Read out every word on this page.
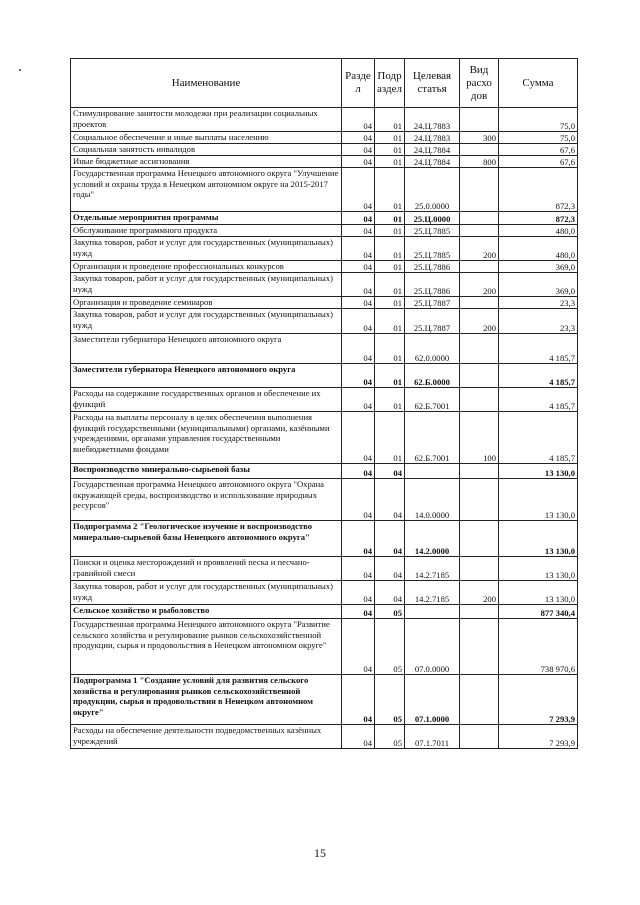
Наименование	Разде л	Подр аздел	Целевая статья	Вид расхо дов	Сумма
Стимулирование занятости молодежи при реализации социальных проектов	04	01	24.Ц.7883		75,0
Социальное обеспечение и иные выплаты населению	04	01	24.Ц.7883	300	75,0
Социальная занятость инвалидов	04	01	24.Ц.7884		67,6
Иные бюджетные ассигнования	04	01	24.Ц.7884	800	67,6
Государственная программа Ненецкого автономного округа "Улучшение условий и охраны труда в Ненецком автономном округе на 2015-2017 годы"	04	01	25.0.0000		872,3
Отдельные мероприятия программы	04	01	25.Ц.0000		872,3
Обслуживание программного продукта	04	01	25.Ц.7885		480,0
Закупка товаров, работ и услуг для государственных (муниципальных) нужд	04	01	25.Ц.7885	200	480,0
Организация и проведение профессиональных конкурсов	04	01	25.Ц.7886		369,0
Закупка товаров, работ и услуг для государственных (муниципальных) нужд	04	01	25.Ц.7886	200	369,0
Организация и проведение семинаров	04	01	25.Ц.7887		23,3
Закупка товаров, работ и услуг для государственных (муниципальных) нужд	04	01	25.Ц.7887	200	23,3
Заместители губернатора Ненецкого автономного округа	04	01	62.0.0000		4 185,7
Заместители губернатора Ненецкого автономного округа	04	01	62.Б.0000		4 185,7
Расходы на содержание государственных органов и обеспечение их функций	04	01	62.Б.7001		4 185,7
Расходы на выплаты персоналу в целях обеспечения выполнения функций государственными (муниципальными) органами, казёнными учреждениями, органами управления государственными внебюджетными фондами	04	01	62.Б.7001	100	4 185,7
Воспроизводство минерально-сырьевой базы	04	04			13 130,0
Государственная программа Ненецкого автономного округа "Охрана окружающей среды, воспроизводство и использование природных ресурсов"	04	04	14.0.0000		13 130,0
Подпрограмма 2 "Геологическое изучение и воспроизводство минерально-сырьевой базы Ненецкого автономного округа"	04	04	14.2.0000		13 130,0
Поиски и оценка месторождений и проявлений песка и песчано-гравийной смеси	04	04	14.2.7185		13 130,0
Закупка товаров, работ и услуг для государственных (муниципальных) нужд	04	04	14.2.7185	200	13 130,0
Сельское хозяйство и рыболовство	04	05			877 340,4
Государственная программа Ненецкого автономного округа "Развитие сельского хозяйства и регулирование рынков сельскохозяйственной продукции, сырья и продовольствия в Ненецком автономном округе"	04	05	07.0.0000		738 970,6
Подпрограмма 1 "Создание условий для развития сельского хозяйства и регулирования рынков сельскохозяйственной продукции, сырья и продовольствия в Ненецком автономном округе"	04	05	07.1.0000		7 293,9
Расходы на обеспечение деятельности подведомственных казённых учреждений	04	05	07.1.7011		7 293,9
15
